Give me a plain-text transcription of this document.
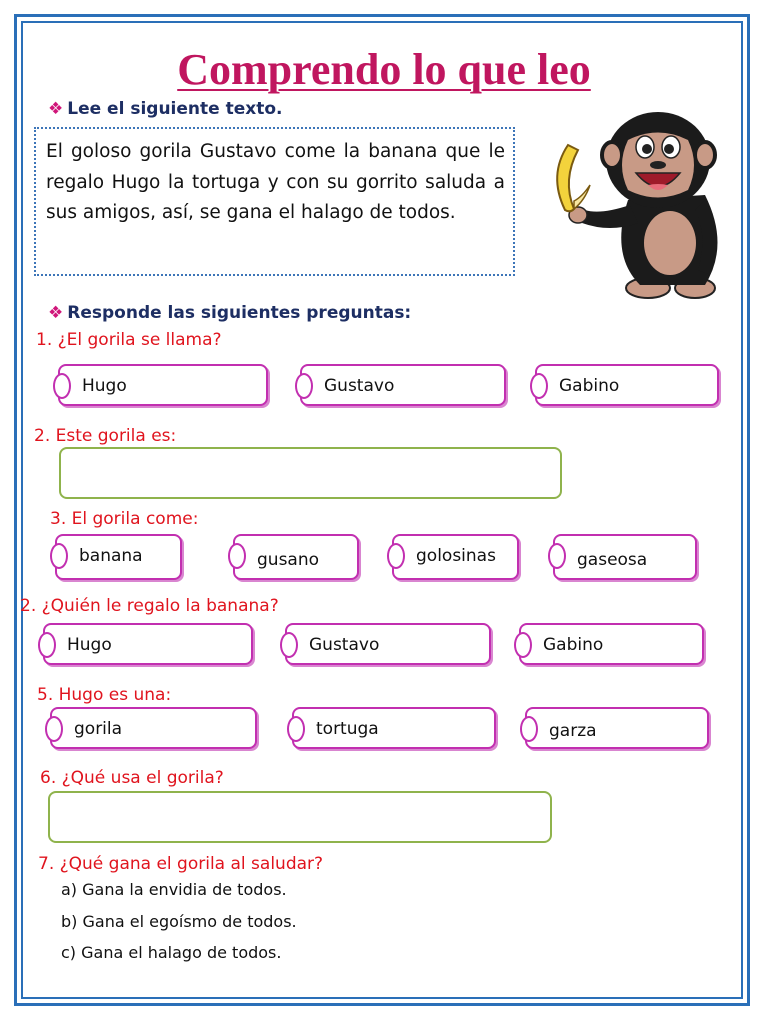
Comprendo lo que leo
❖ Lee el siguiente texto.

El goloso gorila Gustavo come la banana que le regalo Hugo la tortuga y con su gorrito saluda a sus amigos, así, se gana el halago de todos.

❖ Responde las siguientes preguntas:
1. ¿El gorila se llama?
Hugo	Gustavo	Gabino
2. Este gorila es:
3. El gorila come:
banana	gusano	golosinas	gaseosa
2. ¿Quién le regalo la banana?
Hugo	Gustavo	Gabino
5. Hugo es una:
gorila	tortuga	garza
6. ¿Qué usa el gorila?
7. ¿Qué gana el gorila al saludar?
a) Gana la envidia de todos.
b) Gana el egoísmo de todos.
c) Gana el halago de todos.
